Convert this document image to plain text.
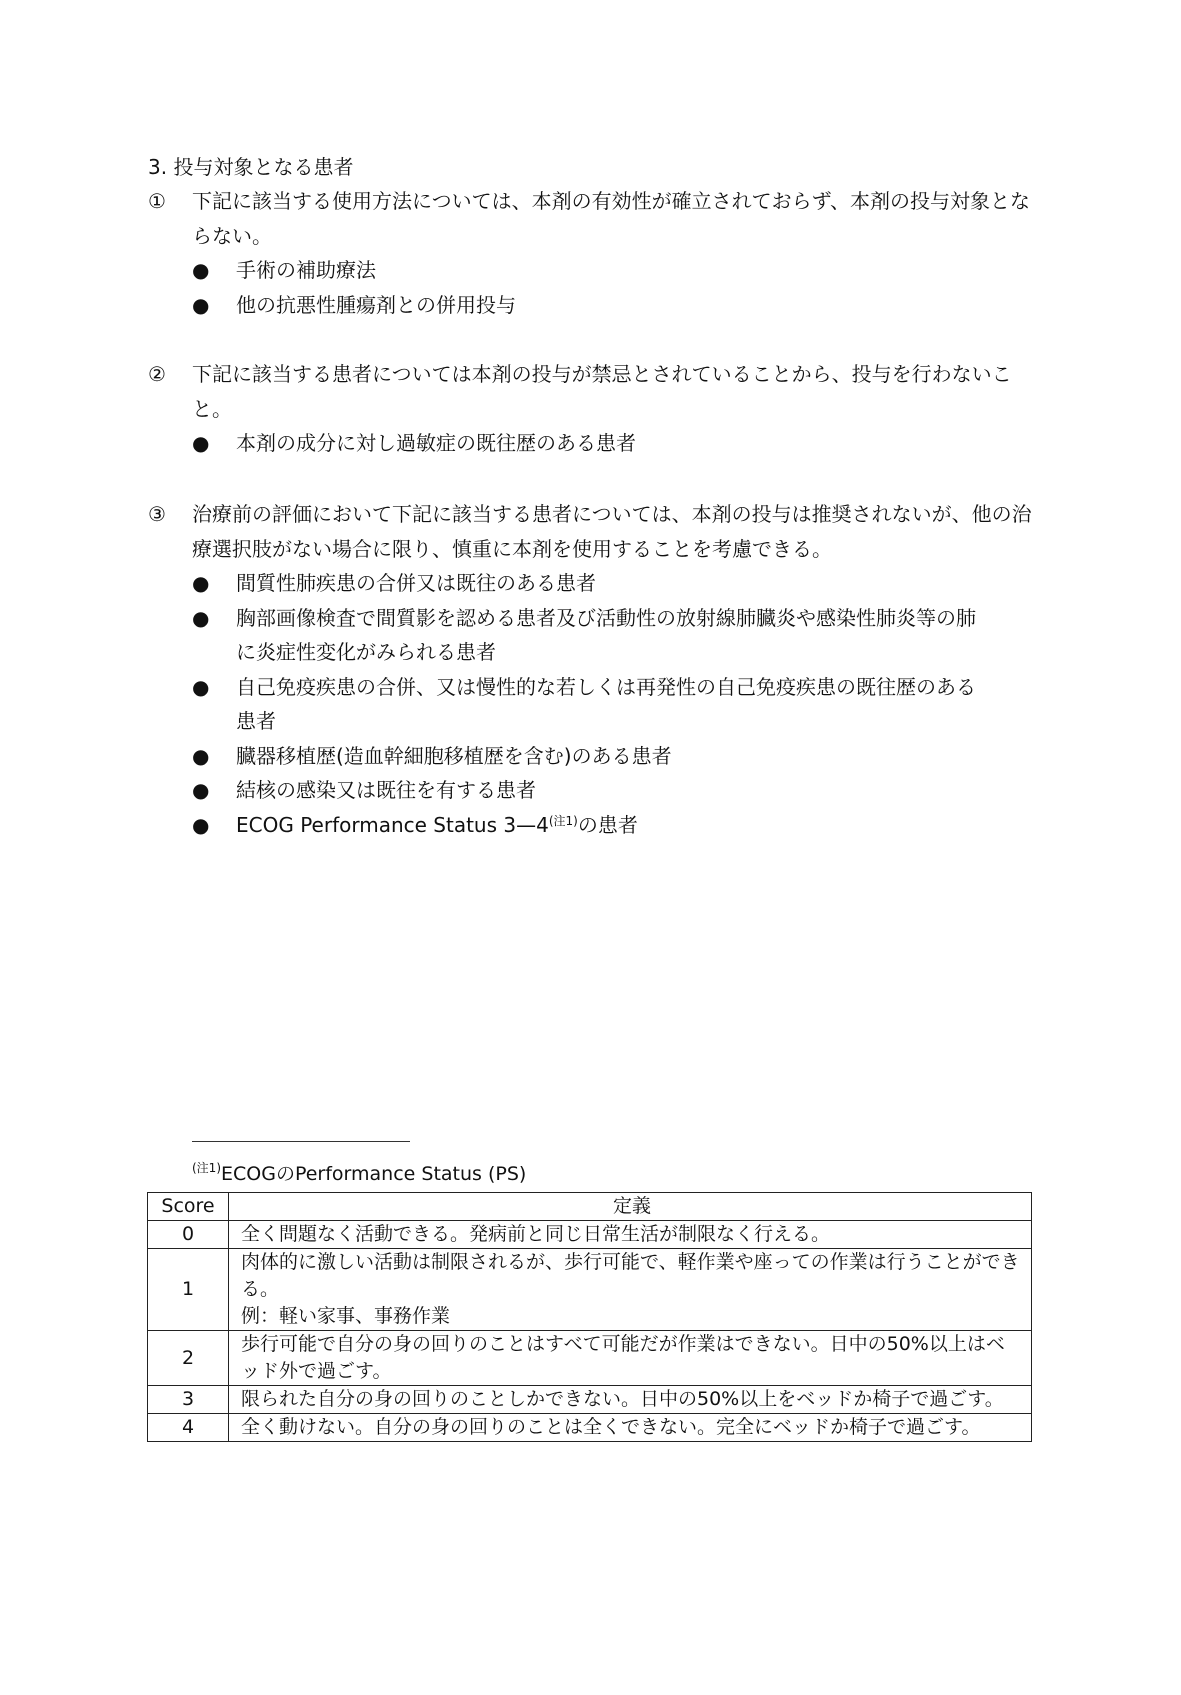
3. 投与対象となる患者
①	下記に該当する使用方法については、本剤の有効性が確立されておらず、本剤の投与対象とならない。
●	手術の補助療法
●	他の抗悪性腫瘍剤との併用投与
②	下記に該当する患者については本剤の投与が禁忌とされていることから、投与を行わないこと。
●	本剤の成分に対し過敏症の既往歴のある患者
③	治療前の評価において下記に該当する患者については、本剤の投与は推奨されないが、他の治療選択肢がない場合に限り、慎重に本剤を使用することを考慮できる。
●	間質性肺疾患の合併又は既往のある患者
●	胸部画像検査で間質影を認める患者及び活動性の放射線肺臓炎や感染性肺炎等の肺に炎症性変化がみられる患者
●	自己免疫疾患の合併、又は慢性的な若しくは再発性の自己免疫疾患の既往歴のある患者
●	臓器移植歴(造血幹細胞移植歴を含む)のある患者
●	結核の感染又は既往を有する患者
●	ECOG Performance Status $3—4^{(注1)}$の患者
$^{(注1)}$ECOGのPerformance Status (PS)
Score	定義
0	全く問題なく活動できる。発病前と同じ日常生活が制限なく行える。
1	肉体的に激しい活動は制限されるが、歩行可能で、軽作業や座っての作業は行うことができる。
例：軽い家事、事務作業
2	歩行可能で自分の身の回りのことはすべて可能だが作業はできない。日中の50%以上はベッド外で過ごす。
3	限られた自分の身の回りのことしかできない。日中の50%以上をベッドか椅子で過ごす。
4	全く動けない。自分の身の回りのことは全くできない。完全にベッドか椅子で過ごす。
